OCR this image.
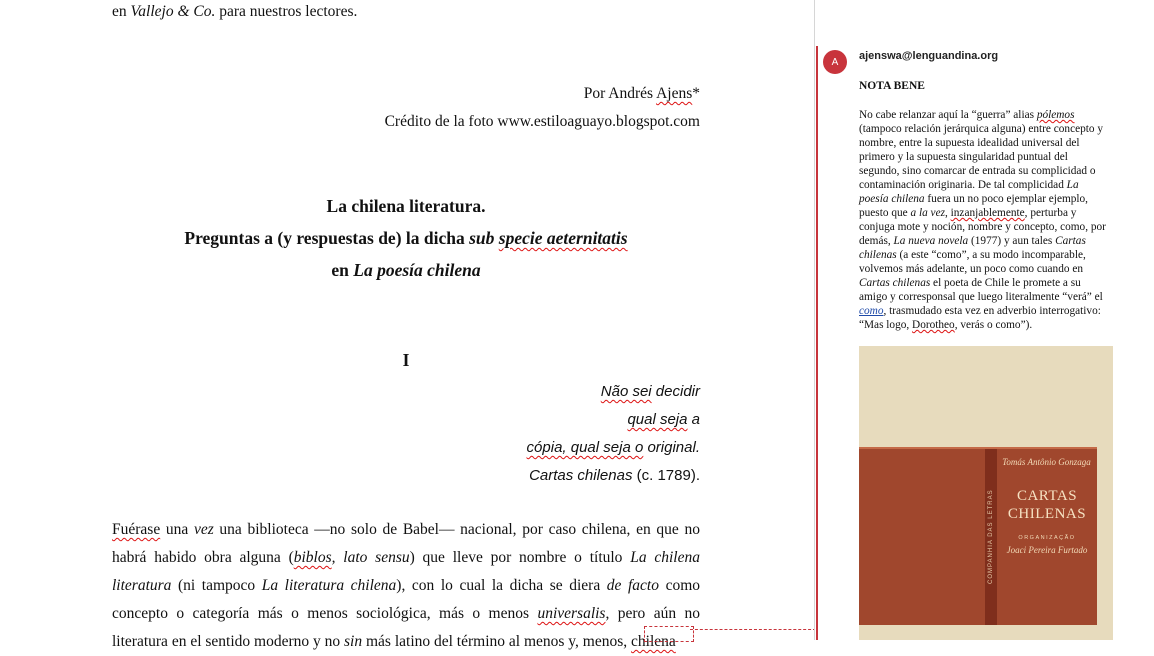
en Vallejo & Co. para nuestros lectores.
Por Andrés Ajens*
Crédito de la foto www.estiloaguayo.blogspot.com
La chilena literatura.
Preguntas a (y respuestas de) la dicha sub specie aeternitatis
en La poesía chilena
I
Não sei decidir
qual seja a
cópia, qual seja o original.
Cartas chilenas (c. 1789).
Fuérase una vez una biblioteca —no solo de Babel— nacional, por caso chilena, en que no
habrá habido obra alguna (biblos, lato sensu) que lleve por nombre o título La chilena
literatura (ni tampoco La literatura chilena), con lo cual la dicha se diera de facto como
concepto o categoría más o menos sociológica, más o menos universalis, pero aún no
literatura en el sentido moderno y no sin más latino del término al menos y, menos, chilena
A	ajenswa@lenguandina.org
NOTA BENE
No cabe relanzar aquí la “guerra” alias pólemos
(tampoco relación jerárquica alguna) entre concepto y
nombre, entre la supuesta idealidad universal del
primero y la supuesta singularidad puntual del
segundo, sino comarcar de entrada su complicidad o
contaminación originaria. De tal complicidad La
poesía chilena fuera un no poco ejemplar ejemplo,
puesto que a la vez, inzanjablemente, perturba y
conjuga mote y noción, nombre y concepto, como, por
demás, La nueva novela (1977) y aun tales Cartas
chilenas (a este “como”, a su modo incomparable,
volvemos más adelante, un poco como cuando en
Cartas chilenas el poeta de Chile le promete a su
amigo y corresponsal que luego literalmente “verá” el
como, trasmudado esta vez en adverbio interrogativo:
“Mas logo, Dorotheo, verás o como”).
COMPANHIA DAS LETRAS
Tomás Antônio Gonzaga
CARTAS
CHILENAS
ORGANIZAÇÃO
Joaci Pereira Furtado
